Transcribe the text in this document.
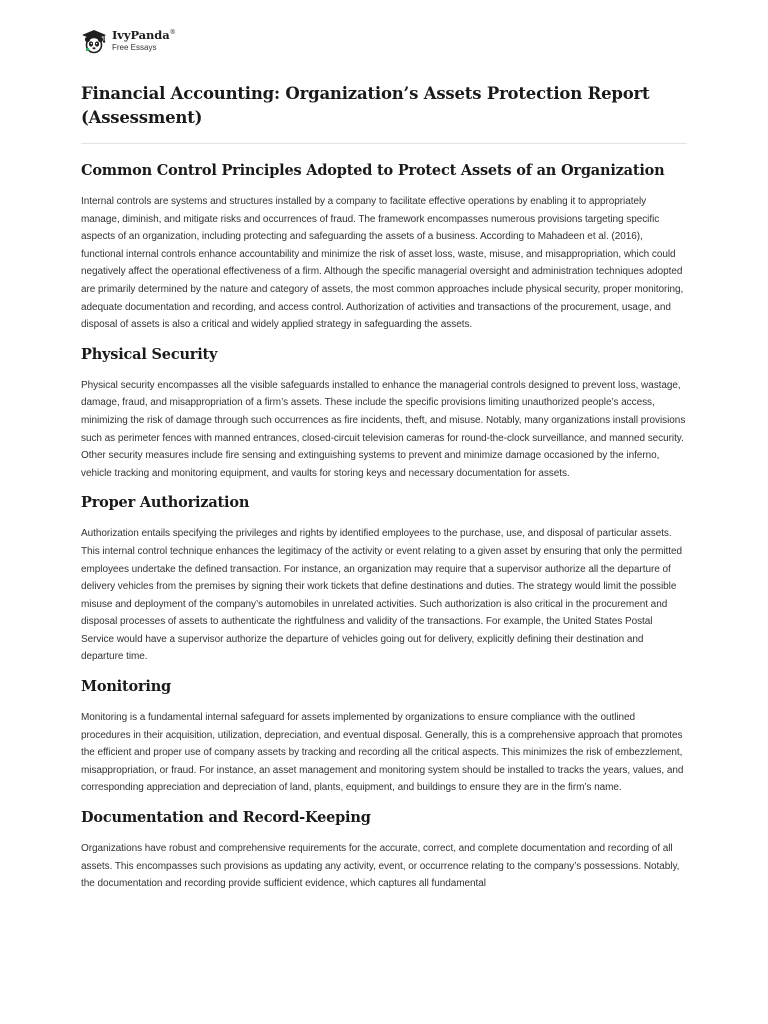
IvyPanda®
Free Essays
Financial Accounting: Organization’s Assets Protection Report (Assessment)
Common Control Principles Adopted to Protect Assets of an Organization

Internal controls are systems and structures installed by a company to facilitate effective operations by enabling it to appropriately manage, diminish, and mitigate risks and occurrences of fraud. The framework encompasses numerous provisions targeting specific aspects of an organization, including protecting and safeguarding the assets of a business. According to Mahadeen et al. (2016), functional internal controls enhance accountability and minimize the risk of asset loss, waste, misuse, and misappropriation, which could negatively affect the operational effectiveness of a firm. Although the specific managerial oversight and administration techniques adopted are primarily determined by the nature and category of assets, the most common approaches include physical security, proper monitoring, adequate documentation and recording, and access control. Authorization of activities and transactions of the procurement, usage, and disposal of assets is also a critical and widely applied strategy in safeguarding the assets.

Physical Security

Physical security encompasses all the visible safeguards installed to enhance the managerial controls designed to prevent loss, wastage, damage, fraud, and misappropriation of a firm’s assets. These include the specific provisions limiting unauthorized people’s access, minimizing the risk of damage through such occurrences as fire incidents, theft, and misuse. Notably, many organizations install provisions such as perimeter fences with manned entrances, closed-circuit television cameras for round-the-clock surveillance, and manned security. Other security measures include fire sensing and extinguishing systems to prevent and minimize damage occasioned by the inferno, vehicle tracking and monitoring equipment, and vaults for storing keys and necessary documentation for assets.

Proper Authorization

Authorization entails specifying the privileges and rights by identified employees to the purchase, use, and disposal of particular assets. This internal control technique enhances the legitimacy of the activity or event relating to a given asset by ensuring that only the permitted employees undertake the defined transaction. For instance, an organization may require that a supervisor authorize all the departure of delivery vehicles from the premises by signing their work tickets that define destinations and duties. The strategy would limit the possible misuse and deployment of the company’s automobiles in unrelated activities. Such authorization is also critical in the procurement and disposal processes of assets to authenticate the rightfulness and validity of the transactions. For example, the United States Postal Service would have a supervisor authorize the departure of vehicles going out for delivery, explicitly defining their destination and departure time.

Monitoring

Monitoring is a fundamental internal safeguard for assets implemented by organizations to ensure compliance with the outlined procedures in their acquisition, utilization, depreciation, and eventual disposal. Generally, this is a comprehensive approach that promotes the efficient and proper use of company assets by tracking and recording all the critical aspects. This minimizes the risk of embezzlement, misappropriation, or fraud. For instance, an asset management and monitoring system should be installed to tracks the years, values, and corresponding appreciation and depreciation of land, plants, equipment, and buildings to ensure they are in the firm’s name.

Documentation and Record-Keeping

Organizations have robust and comprehensive requirements for the accurate, correct, and complete documentation and recording of all assets. This encompasses such provisions as updating any activity, event, or occurrence relating to the company’s possessions. Notably, the documentation and recording provide sufficient evidence, which captures all fundamental
